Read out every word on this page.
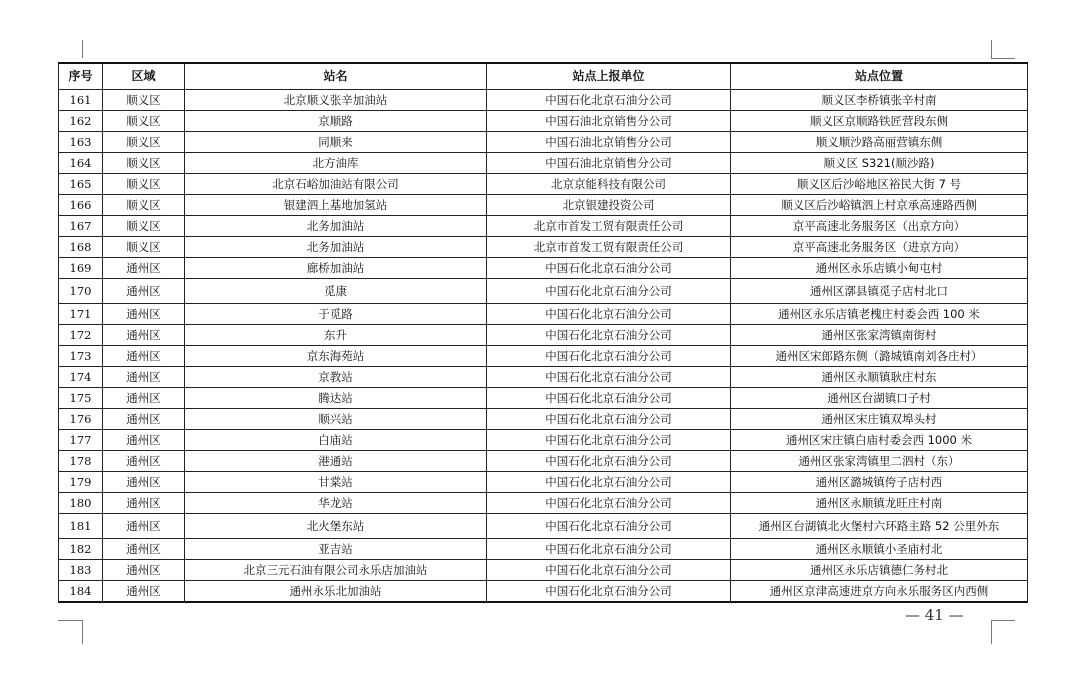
序号	区域	站名	站点上报单位	站点位置
161	顺义区	北京顺义张辛加油站	中国石化北京石油分公司	顺义区李桥镇张辛村南
162	顺义区	京顺路	中国石油北京销售分公司	顺义区京顺路铁匠营段东侧
163	顺义区	同顺来	中国石油北京销售分公司	顺义顺沙路高丽营镇东侧
164	顺义区	北方油库	中国石油北京销售分公司	顺义区 S321(顺沙路)
165	顺义区	北京石峪加油站有限公司	北京京能科技有限公司	顺义区后沙峪地区裕民大街 7 号
166	顺义区	银建泗上基地加氢站	北京银建投资公司	顺义区后沙峪镇泗上村京承高速路西侧
167	顺义区	北务加油站	北京市首发工贸有限责任公司	京平高速北务服务区（出京方向）
168	顺义区	北务加油站	北京市首发工贸有限责任公司	京平高速北务服务区（进京方向）
169	通州区	廊桥加油站	中国石化北京石油分公司	通州区永乐店镇小甸屯村
170	通州区	觅康	中国石化北京石油分公司	通州区漷县镇觅子店村北口
171	通州区	于觅路	中国石化北京石油分公司	通州区永乐店镇老槐庄村委会西 100 米
172	通州区	东升	中国石化北京石油分公司	通州区张家湾镇南街村
173	通州区	京东海苑站	中国石化北京石油分公司	通州区宋郎路东侧（潞城镇南刘各庄村）
174	通州区	京教站	中国石化北京石油分公司	通州区永顺镇耿庄村东
175	通州区	腾达站	中国石化北京石油分公司	通州区台湖镇口子村
176	通州区	顺兴站	中国石化北京石油分公司	通州区宋庄镇双埠头村
177	通州区	白庙站	中国石化北京石油分公司	通州区宋庄镇白庙村委会西 1000 米
178	通州区	港通站	中国石化北京石油分公司	通州区张家湾镇里二泗村（东）
179	通州区	甘棠站	中国石化北京石油分公司	通州区潞城镇侉子店村西
180	通州区	华龙站	中国石化北京石油分公司	通州区永顺镇龙旺庄村南
181	通州区	北火堡东站	中国石化北京石油分公司	通州区台湖镇北火堡村六环路主路 52 公里外东
182	通州区	亚吉站	中国石化北京石油分公司	通州区永顺镇小圣庙村北
183	通州区	北京三元石油有限公司永乐店加油站	中国石化北京石油分公司	通州区永乐店镇德仁务村北
184	通州区	通州永乐北加油站	中国石化北京石油分公司	通州区京津高速进京方向永乐服务区内西侧
— 41 —
